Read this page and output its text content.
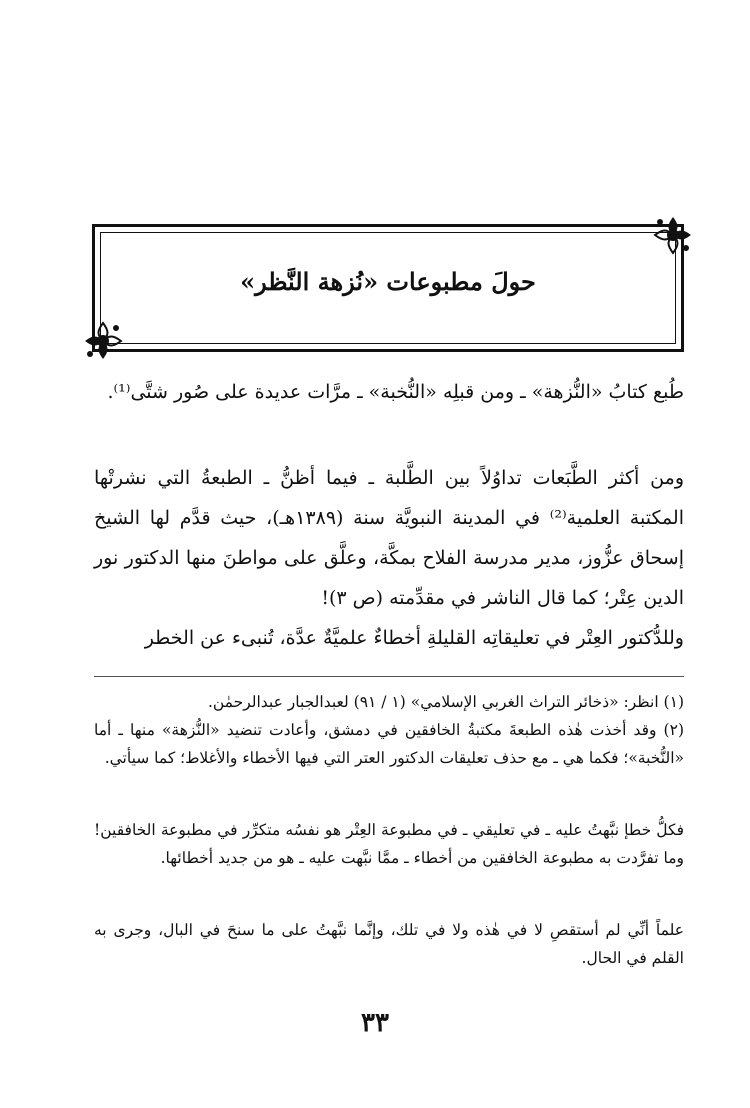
حولَ مطبوعات «نُزهة النَّظر»
طُبع كتابُ «النُّزهة» ـ ومن قبلِه «النُّخبة» ـ مرَّات عديدة على صُور شتَّى⁽¹⁾.
ومن أكثر الطَّبَعات تداوُلاً بين الطَّلبة ـ فيما أظنُّ ـ الطبعةُ التي نشرتْها المكتبة العلمية⁽²⁾ في المدينة النبويَّة سنة (١٣٨٩هـ)، حيث قدَّم لها الشيخ إسحاق عزُّوز، مدير مدرسة الفلاح بمكَّة، وعلَّق على مواطنَ منها الدكتور نور الدين عِتْر؛ كما قال الناشر في مقدِّمته (ص ٣)!
وللدُّكتور العِتْر في تعليقاتِه القليلةِ أخطاءٌ علميَّةٌ عدَّة، تُنبىء عن الخطر
(١) انظر: «ذخائر التراث الغربي الإسلامي» (١ / ٩١) لعبدالجبار عبدالرحمٰن.
(٢) وقد أخذت هٰذه الطبعةَ مكتبةُ الخافقين في دمشق، وأعادت تنضيد «النُّزهة» منها ـ أما «النُّخبة»؛ فكما هي ـ مع حذف تعليقات الدكتور العتر التي فيها الأخطاء والأغلاط؛ كما سيأتي.
فكلُّ خطإ نبَّهتُ عليه ـ في تعليقي ـ في مطبوعة العِتْر هو نفسُه متكرِّر في مطبوعة الخافقين! وما تفرَّدت به مطبوعة الخافقين من أخطاء ـ ممَّا نبَّهت عليه ـ هو من جديد أخطائها.
علماً أنِّي لم أستقصِ لا في هٰذه ولا في تلك، وإنَّما نبَّهتُ على ما سنحَ في البال، وجرى به القلم في الحال.
٣٣
